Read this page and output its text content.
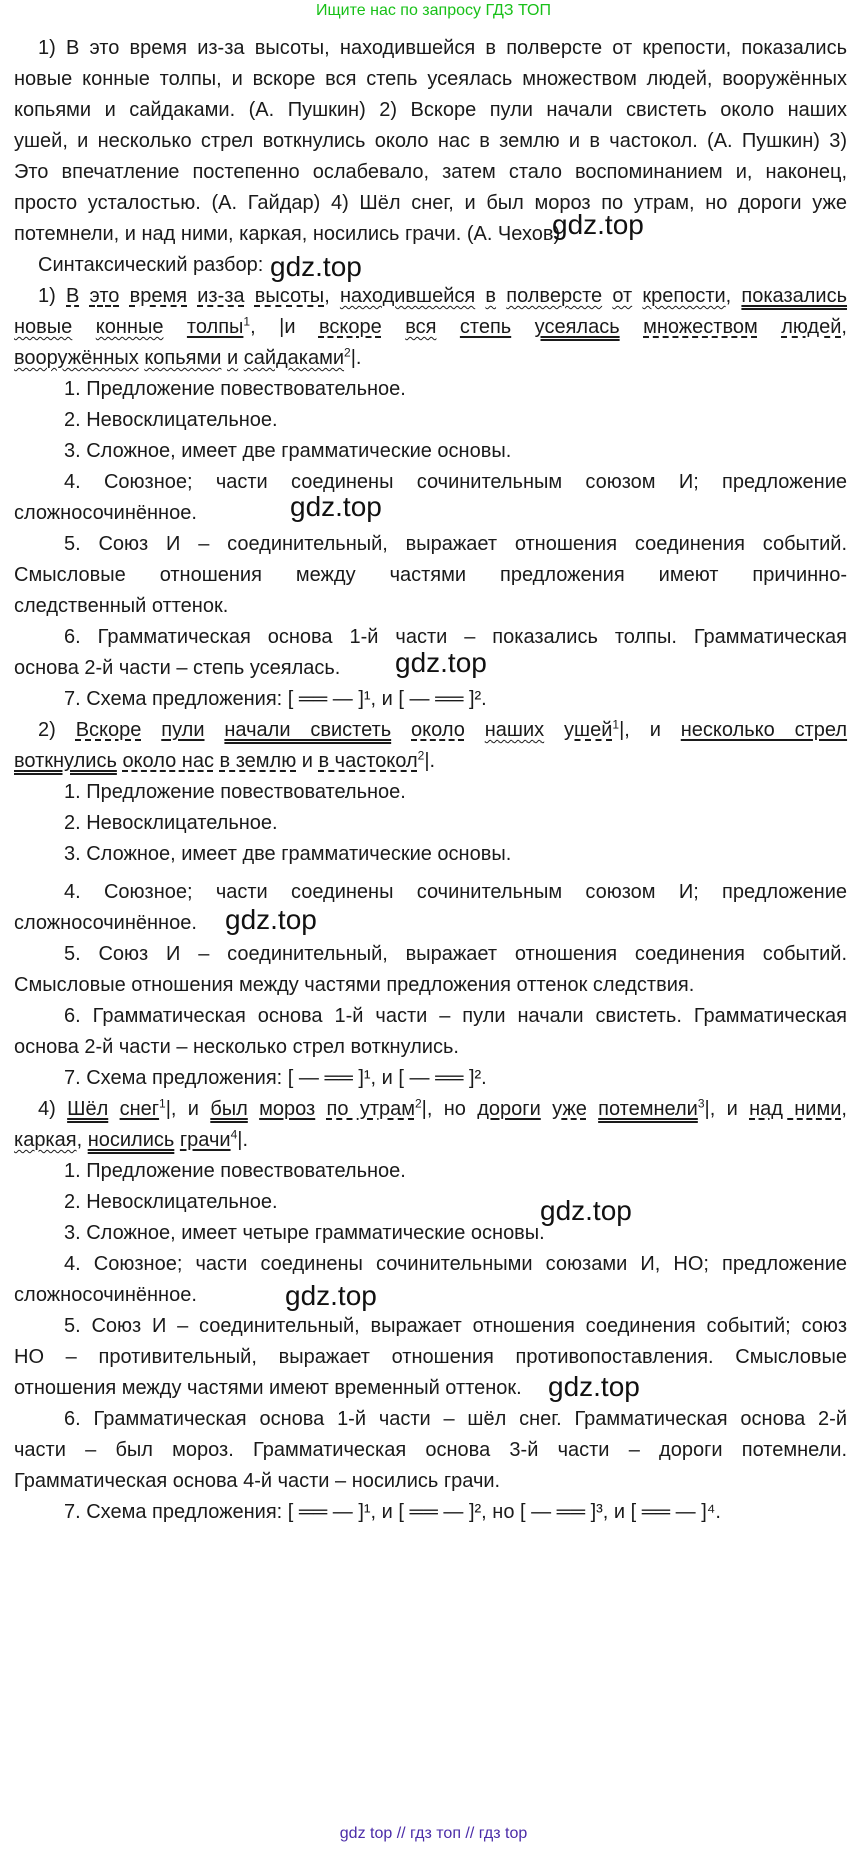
Ищите нас по запросу ГДЗ ТОП
1) В это время из-за высоты, находившейся в полверсте от крепости, показались
новые конные толпы, и вскоре вся степь усеялась множеством людей, вооружённых
копьями и сайдаками. (А. Пушкин) 2) Вскоре пули начали свистеть около наших
ушей, и несколько стрел воткнулись около нас в землю и в частокол. (А. Пушкин) 3)
Это впечатление постепенно ослабевало, затем стало воспоминанием и, наконец,
просто усталостью. (А. Гайдар) 4) Шёл снег, и был мороз по утрам, но дороги уже
потемнели, и над ними, каркая, носились грачи. (А. Чехов)
gdz.top
Синтаксический разбор: gdz.top
1) В это время из-за высоты, находившейся в полверсте от крепости, показались
новые конные толпы$^1$, |и вскоре вся степь усеялась множеством людей,
вооружённых копьями и сайдаками$^2$|.
1. Предложение повествовательное.
2. Невосклицательное.
3. Сложное, имеет две грамматические основы.
4. Союзное; части соединены сочинительным союзом И; предложение
сложносочинённое.	gdz.top
5. Союз И – соединительный, выражает отношения соединения событий.
Смысловые отношения между частями предложения имеют причинно-
следственный оттенок.
6. Грамматическая основа 1-й части – показались толпы. Грамматическая
основа 2-й части – степь усеялась.	gdz.top
7. Схема предложения: [ ══ — ]¹, и [ — ══ ]².
2) Вскоре пули начали свистеть около наших ушей$^1$|, и несколько стрел
воткнулись около нас в землю и в частокол$^2$|.
1. Предложение повествовательное.
2. Невосклицательное.
3. Сложное, имеет две грамматические основы.
4. Союзное; части соединены сочинительным союзом И; предложение
сложносочинённое.	gdz.top
5. Союз И – соединительный, выражает отношения соединения событий.
Смысловые отношения между частями предложения оттенок следствия.
6. Грамматическая основа 1-й части – пули начали свистеть. Грамматическая
основа 2-й части – несколько стрел воткнулись.
7. Схема предложения: [ — ══ ]¹, и [ — ══ ]².
4) Шёл снег$^1$|, и был мороз по утрам$^2$|, но дороги уже потемнели$^3$|, и над ними,
каркая, носились грачи$^4$|.
1. Предложение повествовательное.
2. Невосклицательное.	gdz.top
3. Сложное, имеет четыре грамматические основы.
4. Союзное; части соединены сочинительными союзами И, НО; предложение
сложносочинённое.	gdz.top
5. Союз И – соединительный, выражает отношения соединения событий; союз
НО – противительный, выражает отношения противопоставления. Смысловые
отношения между частями имеют временный оттенок. gdz.top
6. Грамматическая основа 1-й части – шёл снег. Грамматическая основа 2-й
части – был мороз. Грамматическая основа 3-й части – дороги потемнели.
Грамматическая основа 4-й части – носились грачи.
7. Схема предложения: [ ══ — ]¹, и [ ══ — ]², но [ — ══ ]³, и [ ══ — ]⁴.
gdz top // гдз топ // гдз top
